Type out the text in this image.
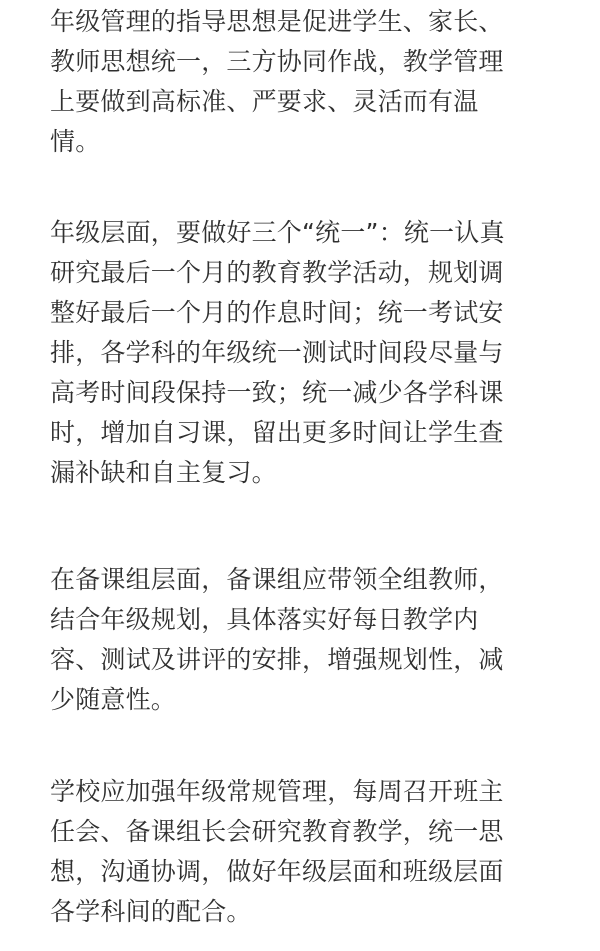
年级管理的指导思想是促进学生、家长、
教师思想统一，三方协同作战，教学管理
上要做到高标准、严要求、灵活而有温
情。
年级层面，要做好三个“统一”：统一认真
研究最后一个月的教育教学活动，规划调
整好最后一个月的作息时间；统一考试安
排，各学科的年级统一测试时间段尽量与
高考时间段保持一致；统一减少各学科课
时，增加自习课，留出更多时间让学生查
漏补缺和自主复习。
在备课组层面，备课组应带领全组教师，
结合年级规划，具体落实好每日教学内
容、测试及讲评的安排，增强规划性，减
少随意性。
学校应加强年级常规管理，每周召开班主
任会、备课组长会研究教育教学，统一思
想，沟通协调，做好年级层面和班级层面
各学科间的配合。
